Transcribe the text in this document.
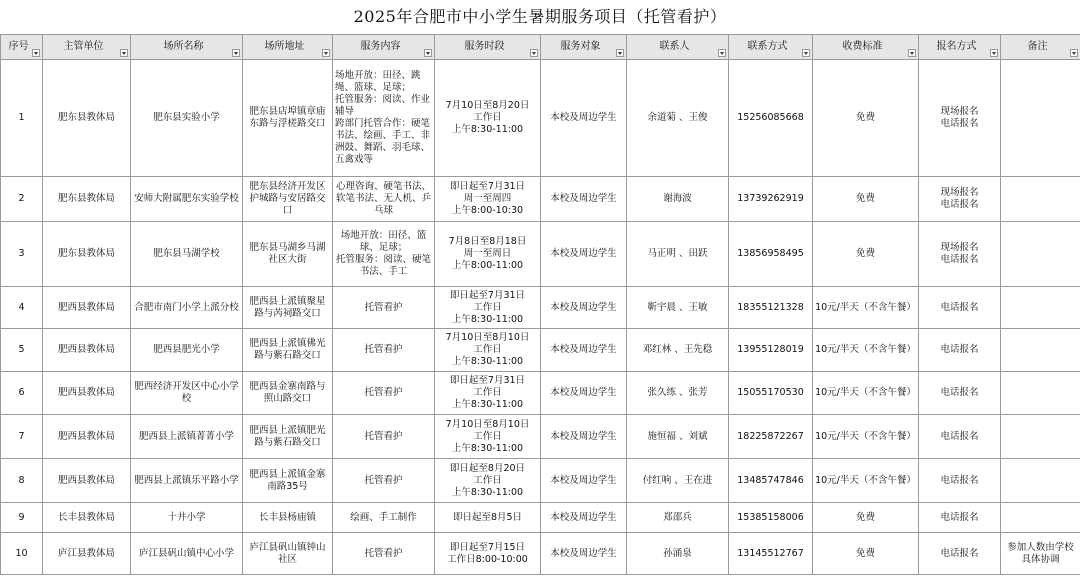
2025年合肥市中小学生暑期服务项目（托管看护）
序号	主管单位	场所名称	场所地址	服务内容	服务时段	服务对象	联系人	联系方式	收费标准	报名方式	备注

1	肥东县教体局	肥东县实验小学	肥东县店埠镇章庙东路与浮槎路交口	场地开放：田径、跳绳、篮球、足球；
托管服务：阅读、作业辅导
跨部门托管合作：硬笔书法、绘画、手工、非洲鼓、舞蹈、羽毛球、五禽戏等	7月10日至8月20日
工作日
上午8:30-11:00	本校及周边学生	余道菊 、王俊	15256085668	免费	现场报名
电话报名	

2	肥东县教体局	安师大附属肥东实验学校	肥东县经济开发区护城路与安居路交口	心理咨询、硬笔书法、软笔书法、无人机、乒乓球	即日起至7月31日
周一至周四
上午8:00-10:30	本校及周边学生	谢海波	13739262919	免费	现场报名
电话报名	

3	肥东县教体局	肥东县马湖学校	肥东县马湖乡马湖社区大街	场地开放：田径、篮球、足球；
托管服务：阅读、硬笔书法、手工	7月8日至8月18日
周一至周日
上午8:00-11:00	本校及周边学生	马正明 、田跃	13856958495	免费	现场报名
电话报名	

4	肥西县教体局	合肥市南门小学上派分校	肥西县上派镇聚星路与芮祠路交口	托管看护	即日起至7月31日
工作日
上午8:30-11:00	本校及周边学生	靳宇晨 、王敏	18355121328	10元/半天（不含午餐）	电话报名	

5	肥西县教体局	肥西县肥光小学	肥西县上派镇佛光路与紫石路交口	托管看护	7月10日至8月10日
工作日
上午8:30-11:00	本校及周边学生	邓红林 、王先稳	13955128019	10元/半天（不含午餐）	电话报名	

6	肥西县教体局	肥西经济开发区中心小学校	肥西县金寨南路与照山路交口	托管看护	即日起至7月31日
工作日
上午8:30-11:00	本校及周边学生	张久练 、张芳	15055170530	10元/半天（不含午餐）	电话报名	

7	肥西县教体局	肥西县上派镇菁菁小学	肥西县上派镇肥光路与紫石路交口	托管看护	7月10日至8月10日
工作日
上午8:30-11:00	本校及周边学生	施恒福 、刘斌	18225872267	10元/半天（不含午餐）	电话报名	

8	肥西县教体局	肥西县上派镇乐平路小学	肥西县上派镇金寨南路35号	托管看护	即日起至8月20日
工作日
上午8:30-11:00	本校及周边学生	付红响 、王在进	13485747846	10元/半天（不含午餐）	电话报名	

9	长丰县教体局	十井小学	长丰县杨庙镇	绘画、手工制作	即日起至8月5日	本校及周边学生	郑邵兵	15385158006	免费	电话报名	

10	庐江县教体局	庐江县矾山镇中心小学	庐江县矾山镇钟山社区	托管看护	即日起至7月15日
工作日8:00-10:00	本校及周边学生	孙涌泉	13145512767	免费	电话报名	参加人数由学校具体协调
